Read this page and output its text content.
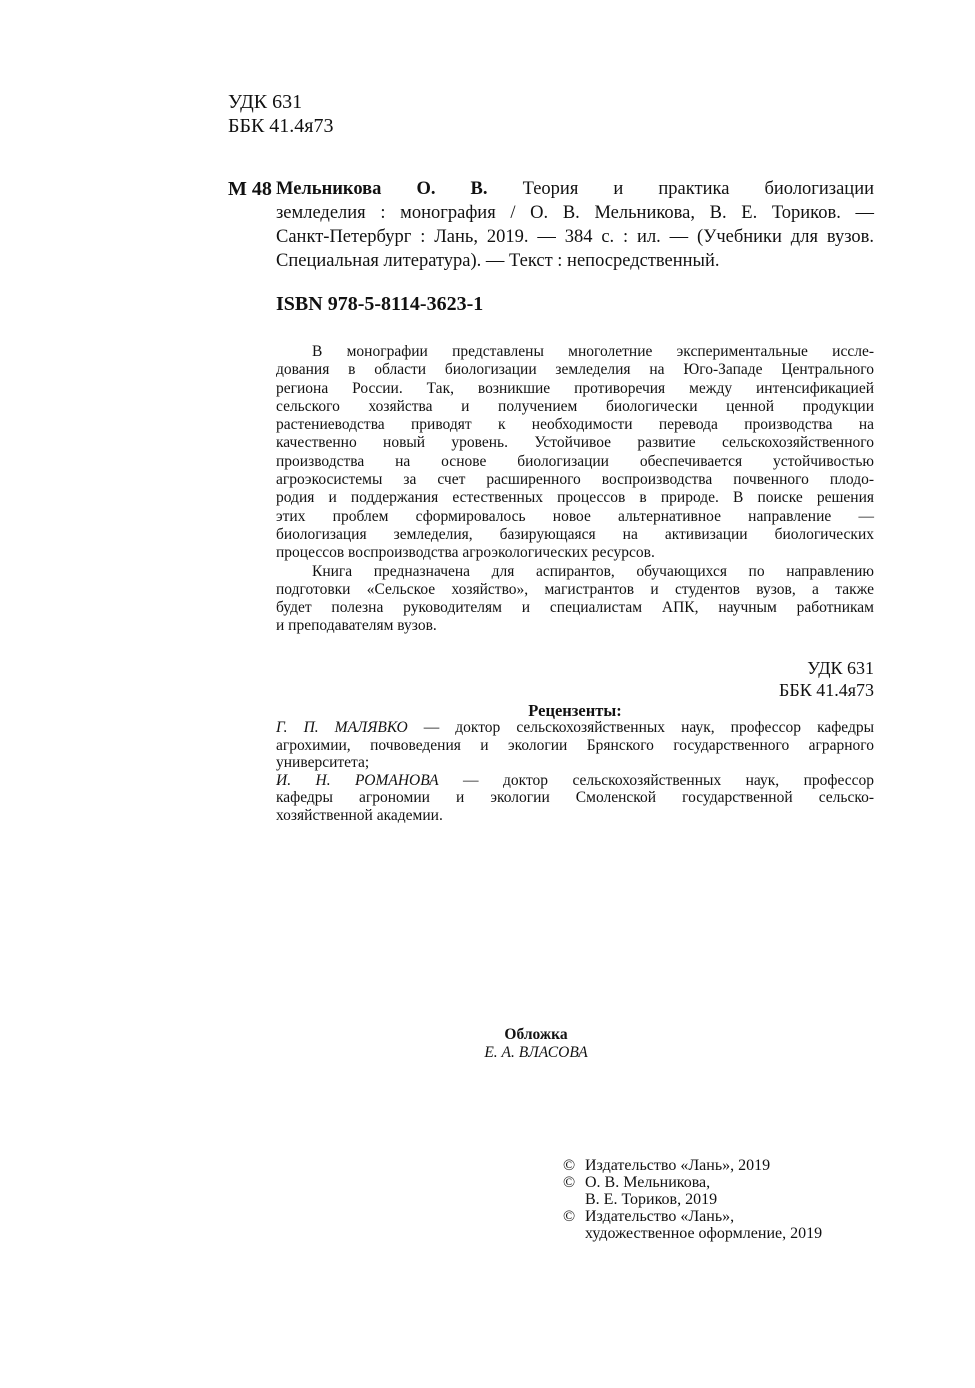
УДК 631
ББК 41.4я73
М 48 Мельникова О. В. Теория и практика биологизации
земледелия : монография / О. В. Мельникова, В. Е. Ториков. —
Санкт-Петербург : Лань, 2019. — 384 с. : ил. — (Учебники для вузов.
Специальная литература). — Текст : непосредственный.
ISBN 978-5-8114-3623-1
В монографии представлены многолетние экспериментальные иссле-
дования в области биологизации земледелия на Юго-Западе Центрального
региона России. Так, возникшие противоречия между интенсификацией
сельского хозяйства и получением биологически ценной продукции
растениеводства приводят к необходимости перевода производства на
качественно новый уровень. Устойчивое развитие сельскохозяйственного
производства на основе биологизации обеспечивается устойчивостью
агроэкосистемы за счет расширенного воспроизводства почвенного плодо-
родия и поддержания естественных процессов в природе. В поиске решения
этих проблем сформировалось новое альтернативное направление —
биологизация земледелия, базирующаяся на активизации биологических
процессов воспроизводства агроэкологических ресурсов.
Книга предназначена для аспирантов, обучающихся по направлению
подготовки «Сельское хозяйство», магистрантов и студентов вузов, а также
будет полезна руководителям и специалистам АПК, научным работникам
и преподавателям вузов.
УДК 631
ББК 41.4я73
Рецензенты:
Г. П. МАЛЯВКО — доктор сельскохозяйственных наук, профессор кафедры
агрохимии, почвоведения и экологии Брянского государственного аграрного
университета;
И. Н. РОМАНОВА — доктор сельскохозяйственных наук, профессор
кафедры агрономии и экологии Смоленской государственной сельско-
хозяйственной академии.
Обложка
Е. А. ВЛАСОВА
© Издательство «Лань», 2019
© О. В. Мельникова,
В. Е. Ториков, 2019
© Издательство «Лань»,
художественное оформление, 2019
